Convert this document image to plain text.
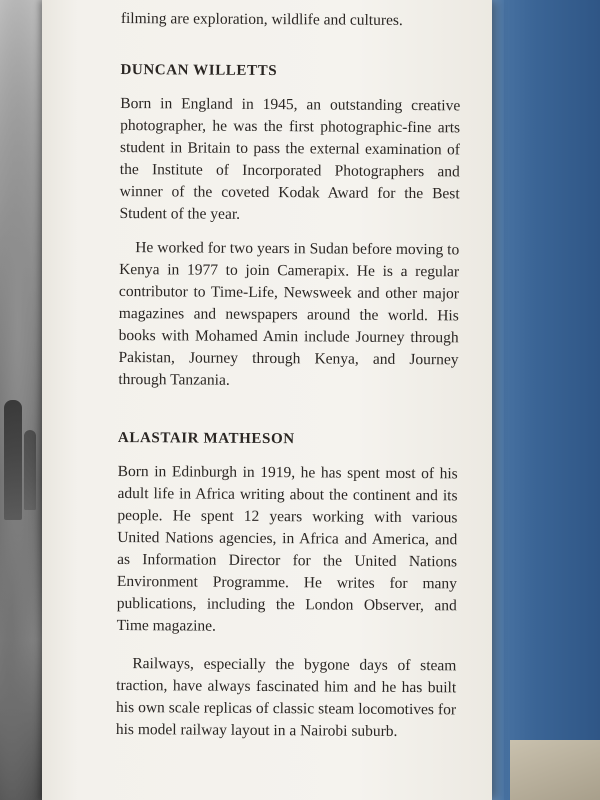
filming are exploration, wildlife and cultures.

DUNCAN WILLETTS

Born in England in 1945, an outstanding creative photographer, he was the first photographic-fine arts student in Britain to pass the external examination of the Institute of Incorporated Photographers and winner of the coveted Kodak Award for the Best Student of the year.

He worked for two years in Sudan before moving to Kenya in 1977 to join Camerapix. He is a regular contributor to Time-Life, Newsweek and other major magazines and newspapers around the world. His books with Mohamed Amin include Journey through Pakistan, Journey through Kenya, and Journey through Tanzania.

ALASTAIR MATHESON

Born in Edinburgh in 1919, he has spent most of his adult life in Africa writing about the continent and its people. He spent 12 years working with various United Nations agencies, in Africa and America, and as Information Director for the United Nations Environment Programme. He writes for many publications, including the London Observer, and Time magazine.

Railways, especially the bygone days of steam traction, have always fascinated him and he has built his own scale replicas of classic steam locomotives for his model railway layout in a Nairobi suburb.
